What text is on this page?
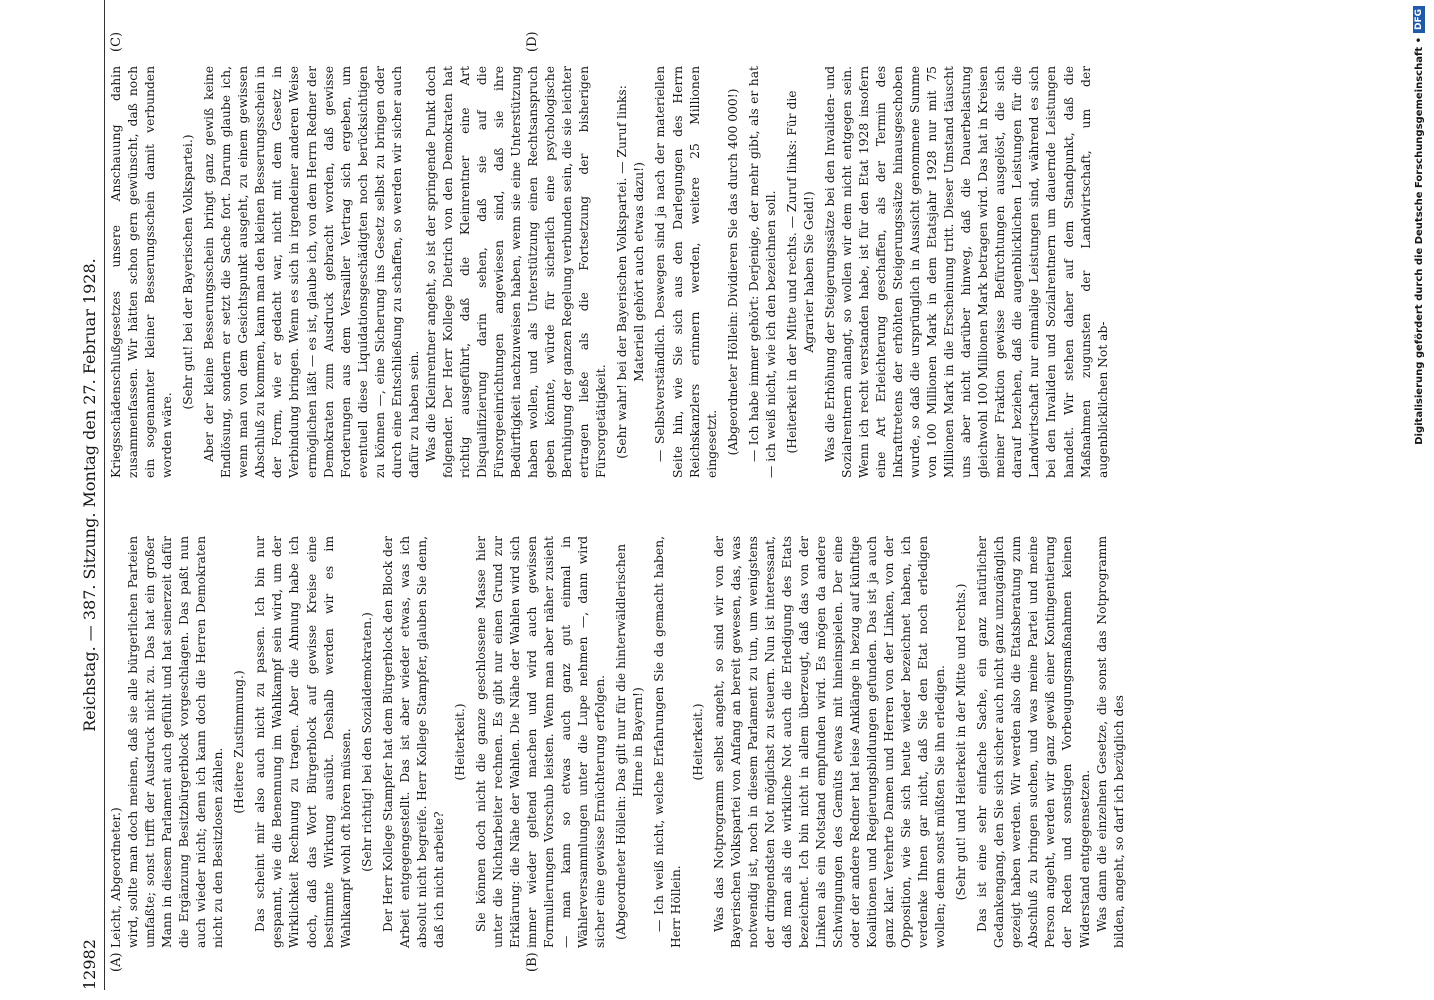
12982
Reichstag. — 387. Sitzung. Montag den 27. Februar 1928.
(A)	(B)
(C)	(D)

Leicht, Abgeordneter.) wird, sollte man doch meinen, daß sie alle bürgerlichen Parteien umfaßte; sonst trifft der Ausdruck nicht zu. Das hat ein großer Mann in diesem Parlament auch gefühlt und hat seinerzeit dafür die Ergänzung Besitzbürgerblock vorgeschlagen. Das paßt nun auch wieder nicht; denn ich kann doch die Herren Demokraten nicht zu den Besitzlosen zählen.

(Heitere Zustimmung.) Das scheint mir also auch nicht zu passen. Ich bin nur gespannt, wie die Benennung im Wahlkampf sein wird, um der Wirklichkeit Rechnung zu tragen. Aber die Ahnung habe ich doch, daß das Wort Bürgerblock auf gewisse Kreise eine bestimmte Wirkung ausübt. Deshalb werden wir es im Wahlkampf wohl oft hören müssen. (Sehr richtig! bei den Sozialdemokraten.) Der Herr Kollege Stampfer hat dem Bürgerblock den Block der Arbeit entgegengestellt. Das ist aber wieder etwas, was ich absolut nicht begreife. Herr Kollege Stampfer, glauben Sie denn, daß ich nicht arbeite?

(Heiterkeit.) Sie können doch nicht die ganze geschlossene Masse hier unter die Nichtarbeiter rechnen. Es gibt nur einen Grund zur Erklärung: die Nähe der Wahlen. Die Nähe der Wahlen wird sich immer wieder geltend machen und wird auch gewissen Formulierungen Vorschub leisten. Wenn man aber näher zusieht — man kann so etwas auch ganz gut einmal in Wählerversammlungen unter die Lupe nehmen —, dann wird sicher eine gewisse Ernüchterung erfolgen. (Abgeordneter Höllein: Das gilt nur für die hinterwäldlerischen Hirne in Bayern!) — Ich weiß nicht, welche Erfahrungen Sie da gemacht haben, Herr Höllein.

(Heiterkeit.) Was das Notprogramm selbst angeht, so sind wir von der Bayerischen Volkspartei von Anfang an bereit gewesen, das, was notwendig ist, noch in diesem Parlament zu tun, um wenigstens der dringendsten Not möglichst zu steuern. Nun ist interessant, daß man als die wirkliche Not auch die Erledigung des Etats bezeichnet. Ich bin nicht in allem überzeugt, daß das von der Linken als ein Notstand empfunden wird. Es mögen da andere Schwingungen des Gemüts etwas mit hineinspielen. Der eine oder der andere Redner hat leise Anklänge in bezug auf künftige Koalitionen und Regierungsbildungen gefunden. Das ist ja auch ganz klar. Verehrte Damen und Herren von der Linken, von der Opposition, wie Sie sich heute wieder bezeichnet haben, ich verdenke Ihnen gar nicht, daß Sie den Etat noch erledigen wollen; denn sonst müßten Sie ihn erledigen. (Sehr gut! und Heiterkeit in der Mitte und rechts.) Das ist eine sehr einfache Sache, ein ganz natürlicher Gedankengang, den Sie sich sicher auch nicht ganz unzugänglich gezeigt haben werden. Wir werden also die Etatsberatung zum Abschluß zu bringen suchen, und was meine Partei und meine Person angeht, werden wir ganz gewiß einer Kontingentierung der Reden und sonstigen Vorbeugungsmaßnahmen keinen Widerstand entgegensetzen. Was dann die einzelnen Gesetze, die sonst das Notprogramm bilden, angeht, so darf ich bezüglich des

Kriegsschädenschlußgesetzes unsere Anschauung dahin zusammenfassen. Wir hätten schon gern gewünscht, daß noch ein sogenannter kleiner Besserungsschein damit verbunden worden wäre.

(Sehr gut! bei der Bayerischen Volkspartei.) Aber der kleine Besserungsschein bringt ganz gewiß keine Endlösung, sondern er setzt die Sache fort. Darum glaube ich, wenn man von dem Gesichtspunkt ausgeht, zu einem gewissen Abschluß zu kommen, kann man den kleinen Besserungsschein in der Form, wie er gedacht war, nicht mit dem Gesetz in Verbindung bringen. Wenn es sich in irgendeiner anderen Weise ermöglichen läßt — es ist, glaube ich, von dem Herrn Redner der Demokraten zum Ausdruck gebracht worden, daß gewisse Forderungen aus dem Versailler Vertrag sich ergeben, um eventuell diese Liquidationsgeschädigten noch berücksichtigen zu können —, eine Sicherung ins Gesetz selbst zu bringen oder durch eine Entschließung zu schaffen, so werden wir sicher auch dafür zu haben sein. Was die Kleinrentner angeht, so ist der springende Punkt doch folgender. Der Herr Kollege Dietrich von den Demokraten hat richtig ausgeführt, daß die Kleinrentner eine Art Disqualifizierung darin sehen, daß sie auf die Fürsorgeeinrichtungen angewiesen sind, daß sie ihre Bedürftigkeit nachzuweisen haben, wenn sie eine Unterstützung haben wollen, und als Unterstützung einen Rechtsanspruch geben könnte, würde für sicherlich eine psychologische Beruhigung der ganzen Regelung verbunden sein, die sie leichter ertragen ließe als die Fortsetzung der bisherigen Fürsorgetätigkeit. (Sehr wahr! bei der Bayerischen Volkspartei. — Zuruf links: Materiell gehört auch etwas dazu!) — Selbstverständlich. Deswegen sind ja nach der materiellen Seite hin, wie Sie sich aus den Darlegungen des Herrn Reichskanzlers erinnern werden, weitere 25 Millionen eingesetzt. (Abgeordneter Höllein: Dividieren Sie das durch 400 000!) — Ich habe immer gehört: Derjenige, der mehr gibt, als er hat — ich weiß nicht, wie ich den bezeichnen soll. (Heiterkeit in der Mitte und rechts. — Zuruf links: Für die Agrarier haben Sie Geld!) Was die Erhöhung der Steigerungssätze bei den Invaliden- und Sozialrentnern anlangt, so wollen wir dem nicht entgegen sein. Wenn ich recht verstanden habe, ist für den Etat 1928 insofern eine Art Erleichterung geschaffen, als der Termin des Inkrafttretens der erhöhten Steigerungssätze hinausgeschoben wurde, so daß die ursprünglich in Aussicht genommene Summe von 100 Millionen Mark in dem Etatsjahr 1928 nur mit 75 Millionen Mark in die Erscheinung tritt. Dieser Umstand täuscht uns aber nicht darüber hinweg, daß die Dauerbelastung gleichwohl 100 Millionen Mark betragen wird. Das hat in Kreisen meiner Fraktion gewisse Befürchtungen ausgelöst, die sich darauf beziehen, daß die augenblicklichen Leistungen für die Landwirtschaft nur einmalige Leistungen sind, während es sich bei den Invaliden und Sozialrentnern um dauernde Leistungen handelt. Wir stehen daher auf dem Standpunkt, daß die Maßnahmen zugunsten der Landwirtschaft, um der augenblicklichen Not ab-	Digitalisierung gefördert durch die Deutsche Forschungsgemeinschaft •
DFG
